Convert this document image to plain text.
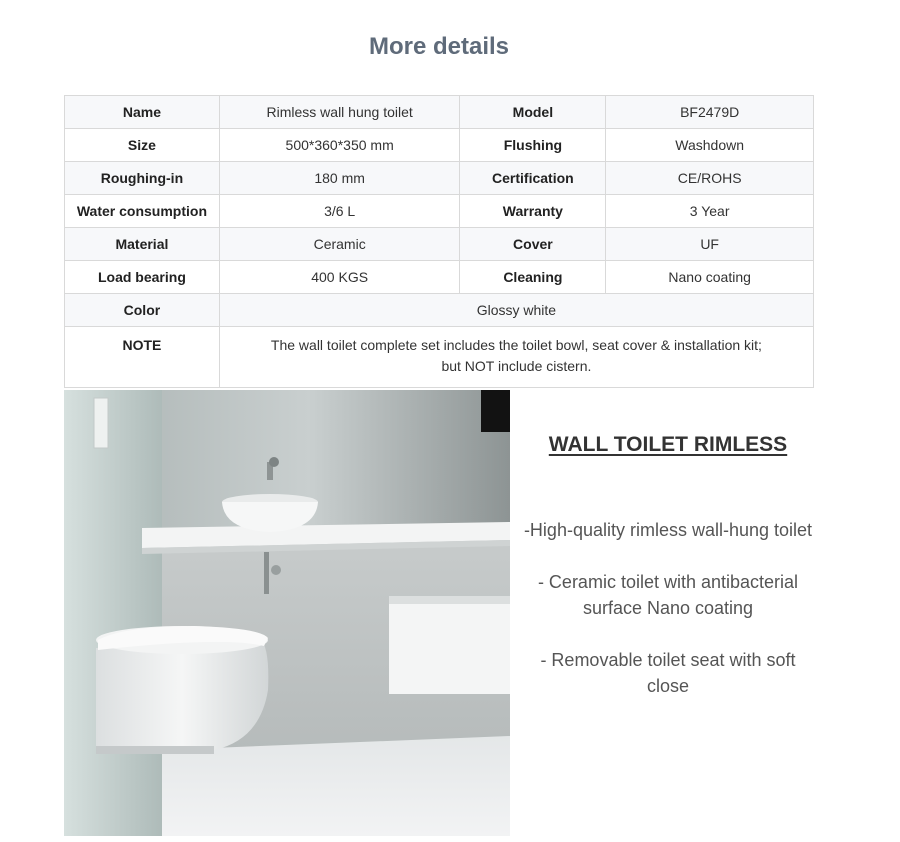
More details
Name	Rimless wall hung toilet	Model	BF2479D
Size	500*360*350 mm	Flushing	Washdown
Roughing-in	180 mm	Certification	CE/ROHS
Water consumption	3/6 L	Warranty	3 Year
Material	Ceramic	Cover	UF
Load bearing	400 KGS	Cleaning	Nano coating
Color	Glossy white		
NOTE	The wall toilet complete set includes the toilet bowl, seat cover & installation kit;
but NOT include cistern.		
WALL TOILET RIMLESS

-High-quality rimless wall-hung toilet

- Ceramic toilet with antibacterial surface Nano coating

- Removable toilet seat with soft close
